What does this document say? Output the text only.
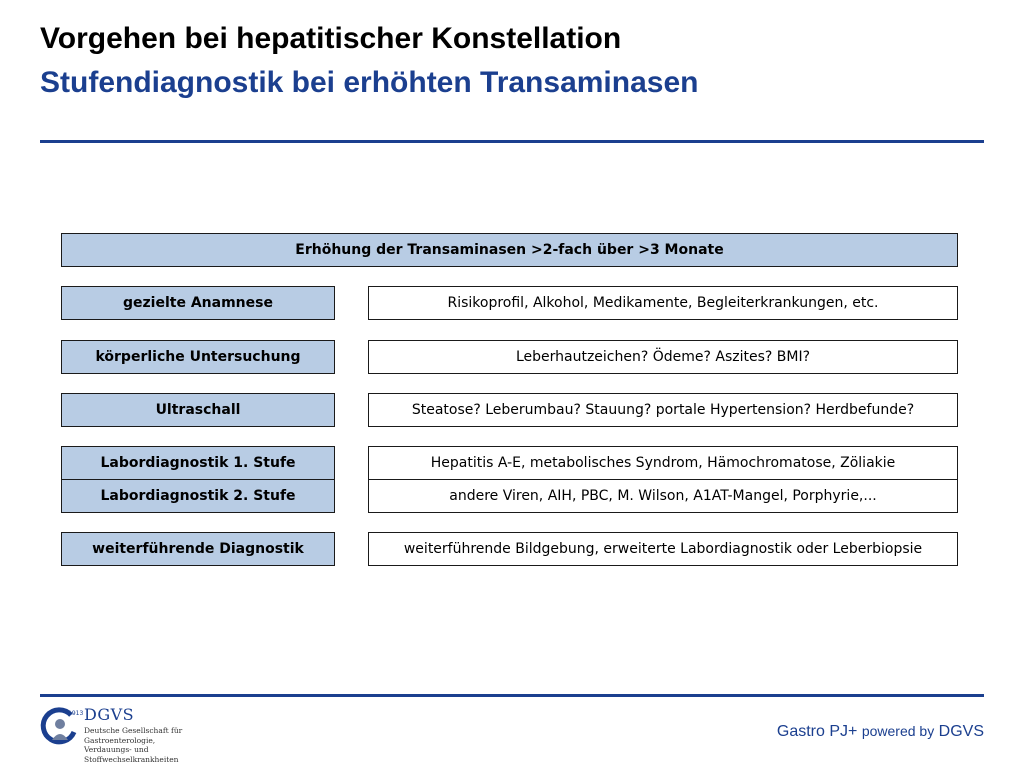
Vorgehen bei hepatitischer Konstellation
Stufendiagnostik bei erhöhten Transaminasen
Erhöhung der Transaminasen >2-fach über >3 Monate
gezielte Anamnese	Risikoprofil, Alkohol, Medikamente, Begleiterkrankungen, etc.
körperliche Untersuchung	Leberhautzeichen? Ödeme? Aszites? BMI?
Ultraschall	Steatose? Leberumbau? Stauung? portale Hypertension? Herdbefunde?
Labordiagnostik 1. Stufe	Hepatitis A-E, metabolisches Syndrom, Hämochromatose, Zöliakie
Labordiagnostik 2. Stufe	andere Viren, AIH, PBC, M. Wilson, A1AT-Mangel, Porphyrie,...
weiterführende Diagnostik	weiterführende Bildgebung, erweiterte Labordiagnostik oder Leberbiopsie
1913 DGVS
Deutsche Gesellschaft für Gastroenterologie, Verdauungs- und Stoffwechselkrankheiten
Gastro PJ+ powered by DGVS
